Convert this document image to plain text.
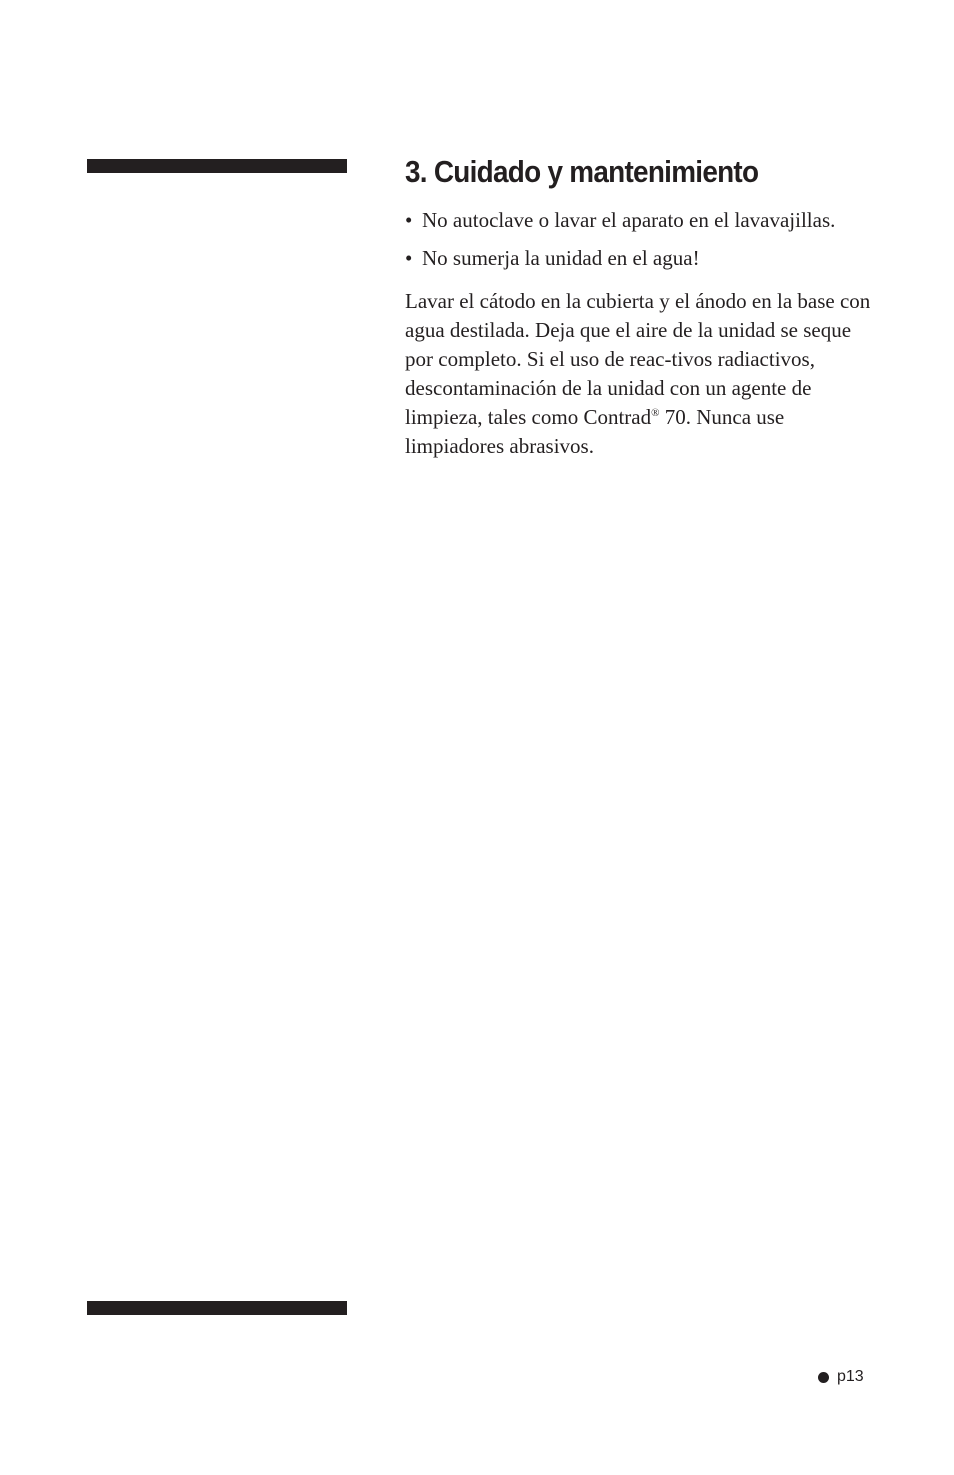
3. Cuidado y mantenimiento
• No autoclave o lavar el aparato en el lavavajillas.
• No sumerja la unidad en el agua!

Lavar el cátodo en la cubierta y el ánodo en la base con agua destilada. Deja que el aire de la unidad se seque por completo. Si el uso de reac-tivos radiactivos, descontaminación de la unidad con un agente de limpieza, tales como Contrad® 70. Nunca use limpiadores abrasivos.

p13
